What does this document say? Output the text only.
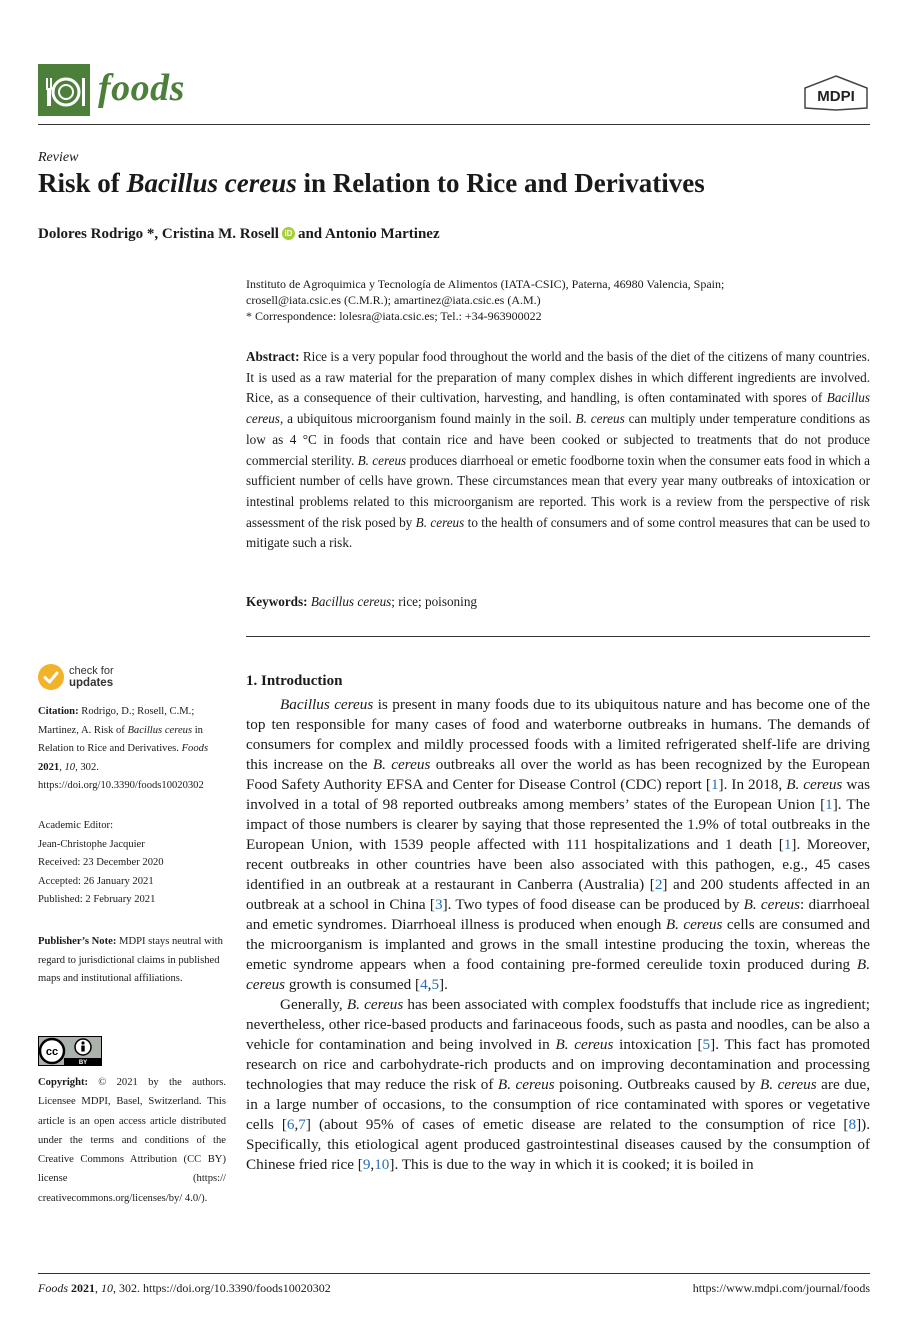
foods	MDPI
Review
Risk of Bacillus cereus in Relation to Rice and Derivatives
Dolores Rodrigo *, Cristina M. Rosell iD and Antonio Martinez
Instituto de Agroquimica y Tecnología de Alimentos (IATA-CSIC), Paterna, 46980 Valencia, Spain;
crosell@iata.csic.es (C.M.R.); amartinez@iata.csic.es (A.M.)
* Correspondence: lolesra@iata.csic.es; Tel.: +34-963900022
Abstract: Rice is a very popular food throughout the world and the basis of the diet of the citizens of many countries. It is used as a raw material for the preparation of many complex dishes in which different ingredients are involved. Rice, as a consequence of their cultivation, harvesting, and handling, is often contaminated with spores of Bacillus cereus, a ubiquitous microorganism found mainly in the soil. B. cereus can multiply under temperature conditions as low as 4 °C in foods that contain rice and have been cooked or subjected to treatments that do not produce commercial sterility. B. cereus produces diarrhoeal or emetic foodborne toxin when the consumer eats food in which a sufficient number of cells have grown. These circumstances mean that every year many outbreaks of intoxication or intestinal problems related to this microorganism are reported. This work is a review from the perspective of risk assessment of the risk posed by B. cereus to the health of consumers and of some control measures that can be used to mitigate such a risk.
Keywords: Bacillus cereus; rice; poisoning
check for
updates
Citation: Rodrigo, D.; Rosell, C.M.; Martinez, A. Risk of Bacillus cereus in Relation to Rice and Derivatives. Foods 2021, 10, 302. https://doi.org/10.3390/foods10020302
Academic Editor:
Jean-Christophe Jacquier
Received: 23 December 2020
Accepted: 26 January 2021
Published: 2 February 2021
Publisher’s Note: MDPI stays neutral with regard to jurisdictional claims in published maps and institutional affiliations.
cc
BY
Copyright: © 2021 by the authors. Licensee MDPI, Basel, Switzerland. This article is an open access article distributed under the terms and conditions of the Creative Commons Attribution (CC BY) license (https:// creativecommons.org/licenses/by/ 4.0/).
1. Introduction

Bacillus cereus is present in many foods due to its ubiquitous nature and has become one of the top ten responsible for many cases of food and waterborne outbreaks in humans. The demands of consumers for complex and mildly processed foods with a limited refrigerated shelf-life are driving this increase on the B. cereus outbreaks all over the world as has been recognized by the European Food Safety Authority EFSA and Center for Disease Control (CDC) report [1]. In 2018, B. cereus was involved in a total of 98 reported outbreaks among members’ states of the European Union [1]. The impact of those numbers is clearer by saying that those represented the 1.9% of total outbreaks in the European Union, with 1539 people affected with 111 hospitalizations and 1 death [1]. Moreover, recent outbreaks in other countries have been also associated with this pathogen, e.g., 45 cases identified in an outbreak at a restaurant in Canberra (Australia) [2] and 200 students affected in an outbreak at a school in China [3]. Two types of food disease can be produced by B. cereus: diarrhoeal and emetic syndromes. Diarrhoeal illness is produced when enough B. cereus cells are consumed and the microorganism is implanted and grows in the small intestine producing the toxin, whereas the emetic syndrome appears when a food containing pre-formed cereulide toxin produced during B. cereus growth is consumed [4,5].

Generally, B. cereus has been associated with complex foodstuffs that include rice as ingredient; nevertheless, other rice-based products and farinaceous foods, such as pasta and noodles, can be also a vehicle for contamination and being involved in B. cereus intoxication [5]. This fact has promoted research on rice and carbohydrate-rich products and on improving decontamination and processing technologies that may reduce the risk of B. cereus poisoning. Outbreaks caused by B. cereus are due, in a large number of occasions, to the consumption of rice contaminated with spores or vegetative cells [6,7] (about 95% of cases of emetic disease are related to the consumption of rice [8]). Specifically, this etiological agent produced gastrointestinal diseases caused by the consumption of Chinese fried rice [9,10]. This is due to the way in which it is cooked; it is boiled in

Foods 2021, 10, 302. https://doi.org/10.3390/foods10020302	https://www.mdpi.com/journal/foods
